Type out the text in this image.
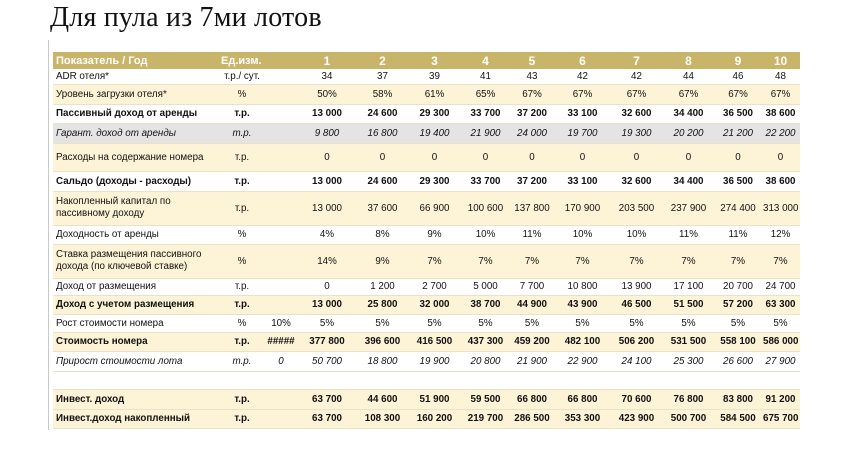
Для пула из 7ми лотов
Показатель / Год	Ед.изм.		1	2	3	4	5	6	7	8	9	10
ADR отеля*	т.р./ сут.		34	37	39	41	43	42	42	44	46	48
Уровень загрузки отеля*	%		50%	58%	61%	65%	67%	67%	67%	67%	67%	67%
Пассивный доход от аренды	т.р.		13 000	24 600	29 300	33 700	37 200	33 100	32 600	34 400	36 500	38 600
Гарант. доход от аренды	т.р.		9 800	16 800	19 400	21 900	24 000	19 700	19 300	20 200	21 200	22 200
Расходы на содержание номера	т.р.		0	0	0	0	0	0	0	0	0	0
Сальдо (доходы - расходы)	т.р.		13 000	24 600	29 300	33 700	37 200	33 100	32 600	34 400	36 500	38 600
Накопленный капитал по пассивному доходу	т.р.		13 000	37 600	66 900	100 600	137 800	170 900	203 500	237 900	274 400	313 000
Доходность от аренды	%		4%	8%	9%	10%	11%	10%	10%	11%	11%	12%
Ставка размещения пассивного дохода (по ключевой ставке)	%		14%	9%	7%	7%	7%	7%	7%	7%	7%	7%
Доход от размещения	т.р.		0	1 200	2 700	5 000	7 700	10 800	13 900	17 100	20 700	24 700
Доход с учетом размещения	т.р.		13 000	25 800	32 000	38 700	44 900	43 900	46 500	51 500	57 200	63 300
Рост стоимости номера	%	10%	5%	5%	5%	5%	5%	5%	5%	5%	5%	5%
Стоимость номера	т.р.	#####	377 800	396 600	416 500	437 300	459 200	482 100	506 200	531 500	558 100	586 000
Прирост стоимости лота	т.р.	0	50 700	18 800	19 900	20 800	21 900	22 900	24 100	25 300	26 600	27 900

Инвест. доход	т.р.		63 700	44 600	51 900	59 500	66 800	66 800	70 600	76 800	83 800	91 200
Инвест.доход накопленный	т.р.		63 700	108 300	160 200	219 700	286 500	353 300	423 900	500 700	584 500	675 700
